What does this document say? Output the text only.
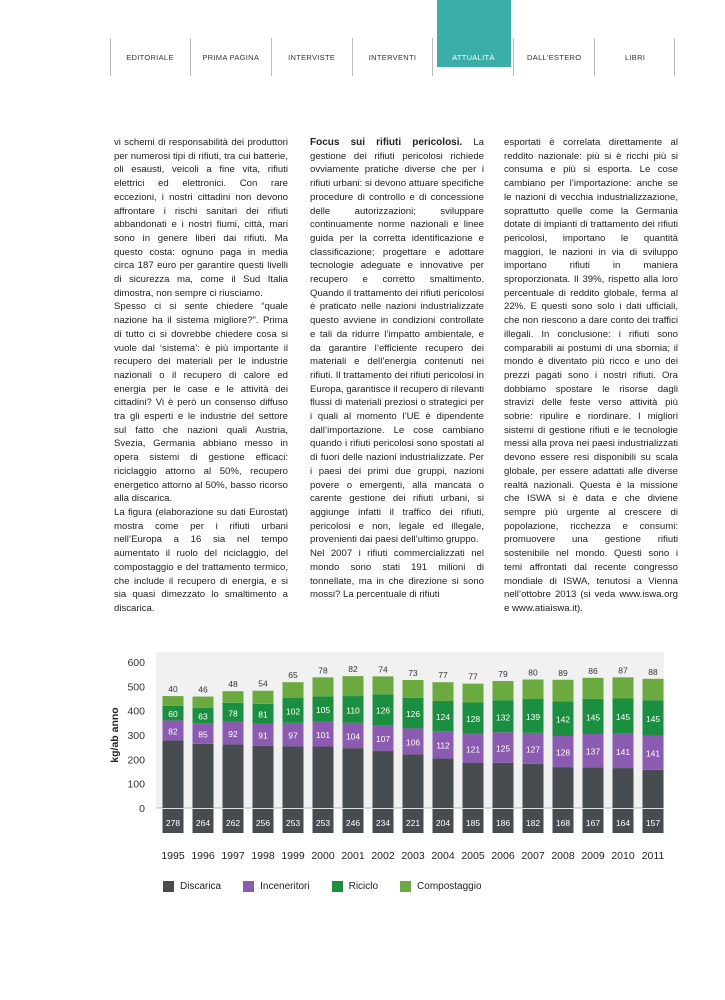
EDITORIALE	PRIMA PAGINA	INTERVISTE	INTERVENTI	ATTUALITÀ	DALL'ESTERO	LIBRI

vi schemi di responsabilità dei produttori per numerosi tipi di rifiuti, tra cui batterie, oli esausti, veicoli a fine vita, rifiuti elettrici ed elettronici. Con rare eccezioni, i nostri cittadini non devono affrontare i rischi sanitari dei rifiuti abbandonati e i nostri fiumi, città, mari sono in genere liberi dai rifiuti. Ma questo costa: ognuno paga in media circa 187 euro per garantire questi livelli di sicurezza ma, come il Sud Italia dimostra, non sempre ci riusciamo.
Spesso ci si sente chiedere “quale nazione ha il sistema migliore?”. Prima di tutto ci si dovrebbe chiedere cosa si vuole dal ‘sistema’: è più importante il recupero dei materiali per le industrie nazionali o il recupero di calore ed energia per le case e le attività dei cittadini? Vi è però un consenso diffuso tra gli esperti e le industrie del settore sul fatto che nazioni quali Austria, Svezia, Germania abbiano messo in opera sistemi di gestione efficaci: riciclaggio attorno al 50%, recupero energetico attorno al 50%, basso ricorso alla discarica.
La figura (elaborazione su dati Eurostat) mostra come per i rifiuti urbani nell’Europa a 16 sia nel tempo aumentato il ruolo del riciclaggio, del compostaggio e del trattamento termico, che include il recupero di energia, e si sia quasi dimezzato lo smaltimento a discarica.

Focus sui rifiuti pericolosi. La gestione dei rifiuti pericolosi richiede ovviamente pratiche diverse che per i rifiuti urbani: si devono attuare specifiche procedure di controllo e di concessione delle autorizzazioni; sviluppare continuamente norme nazionali e linee guida per la corretta identificazione e classificazione; progettare e adottare tecnologie adeguate e innovative per recupero e corretto smaltimento. Quando il trattamento dei rifiuti pericolosi è praticato nelle nazioni industrializzate questo avviene in condizioni controllate e tali da ridurre l’impatto ambientale, e da garantire l’efficiente recupero dei materiali e dell’energia contenuti nei rifiuti. Il trattamento dei rifiuti pericolosi in Europa, garantisce il recupero di rilevanti flussi di materiali preziosi o strategici per i quali al momento l’UE è dipendente dall’importazione. Le cose cambiano quando i rifiuti pericolosi sono spostati al di fuori delle nazioni industrializzate. Per i paesi dei primi due gruppi, nazioni povere o emergenti, alla mancata o carente gestione dei rifiuti urbani, si aggiunge infatti il traffico dei rifiuti, pericolosi e non, legale ed illegale, provenienti dai paesi dell’ultimo gruppo.
Nel 2007 i rifiuti commercializzati nel mondo sono stati 191 milioni di tonnellate, ma in che direzione si sono mossi? La percentuale di rifiuti

esportati è correlata direttamente al reddito nazionale: più si è ricchi più si consuma e più si esporta. Le cose cambiano per l’importazione: anche se le nazioni di vecchia industrializzazione, soprattutto quelle come la Germania dotate di impianti di trattamento dei rifiuti pericolosi, importano le quantità maggiori, le nazioni in via di sviluppo importano rifiuti in maniera sproporzionata. Il 39%, rispetto alla loro percentuale di reddito globale, ferma al 22%. E questi sono solo i dati ufficiali, che non riescono a dare conto dei traffici illegali. In conclusione: i rifiuti sono comparabili ai postumi di una sbornia; il mondo è diventato più ricco e uno dei prezzi pagati sono i nostri rifiuti. Ora dobbiamo spostare le risorse dagli stravizi delle feste verso attività più sobrie: ripulire e riordinare. I migliori sistemi di gestione rifiuti e le tecnologie messi alla prova nei paesi industrializzati devono essere resi disponibili su scala globale, per essere adattati alle diverse realtà nazionali. Questa è la missione che ISWA si è data e che diviene sempre più urgente al crescere di popolazione, ricchezza e consumi: promuovere una gestione rifiuti sostenibile nel mondo. Questi sono i temi affrontati dal recente congresso mondiale di ISWA, tenutosi a Vienna nell’ottobre 2013 (si veda www.iswa.org e www.atiaiswa.it).

0
100
200
300
400
500
600
kg/ab anno
278
82
60
40
1995
264
85
63
46
1996
262
92
78
48
1997
256
91
81
54
1998
253
97
102
65
1999
253
101
105
78
2000
246
104
110
82
2001
234
107
126
74
2002
221
106
126
73
2003
204
112
124
77
2004
185
121
128
77
2005
186
125
132
79
2006
182
127
139
80
2007
168
128
142
89
2008
167
137
145
86
2009
164
141
145
87
2010
157
141
145
88
2011
Discarica	Inceneritori	Riciclo	Compostaggio
